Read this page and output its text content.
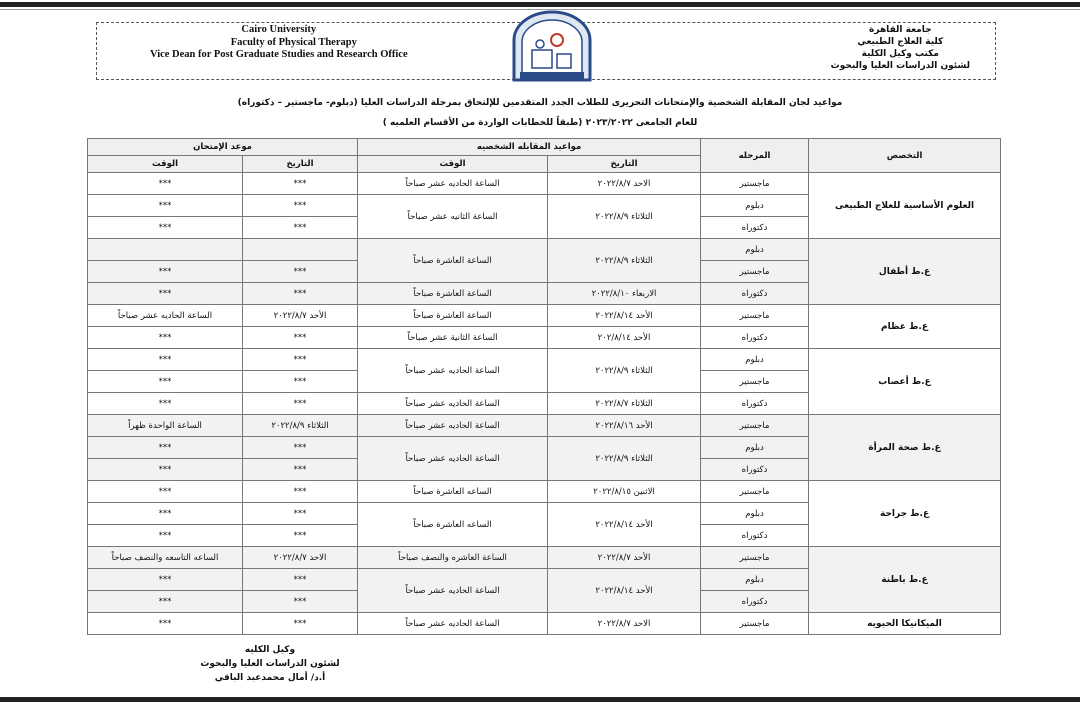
Cairo University
Faculty of Physical Therapy
Vice Dean for Post Graduate Studies and Research Office
جامعة القاهرة
كلية العلاج الطبيعي
مكتب وكيل الكلية
لشئون الدراسات العليا والبحوث
مواعيد لجان المقابلة الشخصية والإمتحانات التحريرى للطلاب الجدد المتقدمين للإلتحاق بمرحلة الدراسات العليا (دبلوم- ماجستير – دكتوراه)
للعام الجامعى ٢٠٢٣/٢٠٢٢ (طبقاً للخطابات الواردة من الأقسام العلميه )
التخصص	المرحله	مواعيد المقابله الشخصيه		موعد الإمتحان	
		التاريخ	الوقت	التاريخ	الوقت
العلوم الأساسية للعلاج الطبيعى	ماجستير	الاحد ٢٠٢٢/٨/٧	الساعة الحاديه عشر صباحاً	***	***
	دبلوم	الثلاثاء ٢٠٢٢/٨/٩	الساعة الثانيه عشر صباحاً	***	***
	دكتوراه			***	***
ع.ط أطفال	دبلوم	الثلاثاء ٢٠٢٢/٨/٩	الساعة العاشرة صباحاً		
	ماجستير			***	***
	دكتوراه	الاربعاء ٢٠٢٢/٨/١٠	الساعة العاشرة صباحاً	***	***
ع.ط عظام	ماجستير	الأحد ٢٠٢٢/٨/١٤	الساعة العاشرة صباحاً	الأحد ٢٠٢٢/٨/٧	الساعة الحاديه عشر صباحاً
	دكتوراه	الأحد ٢٠٢/٨/١٤	الساعة الثانية عشر صباحاً	***	***
ع.ط أعصاب	دبلوم	الثلاثاء ٢٠٢٢/٨/٩	الساعة الحاديه عشر صباحاً	***	***
	ماجستير			***	***
	دكتوراه	الثلاثاء ٢٠٢٢/٨/٧	الساعة الحاديه عشر صباحاً	***	***
ع.ط صحة المرأة	ماجستير	الأحد ٢٠٢٢/٨/١٦	الساعة الحاديه عشر صباحاً	الثلاثاء ٢٠٢٢/٨/٩	الساعة الواحدة ظهراً
	دبلوم	الثلاثاء ٢٠٢٢/٨/٩	الساعة الحاديه عشر صباحاً	***	***
	دكتوراه			***	***
ع.ط جراحة	ماجستير	الاثنين ٢٠٢٢/٨/١٥	الساعه العاشرة صباحاً	***	***
	دبلوم	الأحد ٢٠٢٢/٨/١٤	الساعه العاشرة صباحاً	***	***
	دكتوراه			***	***
ع.ط باطنة	ماجستير	الأحد ٢٠٢٢/٨/٧	الساعة العاشره والنصف صباحاً	الاحد ٢٠٢٢/٨/٧	الساعه التاسعه والنصف صباحاً
	دبلوم	الأحد ٢٠٢٢/٨/١٤	الساعة الحاديه عشر صباحاً	***	***
	دكتوراه			***	***
الميكانيكا الحيويه	ماجستير	الاحد ٢٠٢٢/٨/٧	الساعة الحاديه عشر صباحاً	***	***
وكيل الكليه
لشئون الدراسات العليا والبحوث
أ.د/ أمال محمدعبد الباقي
